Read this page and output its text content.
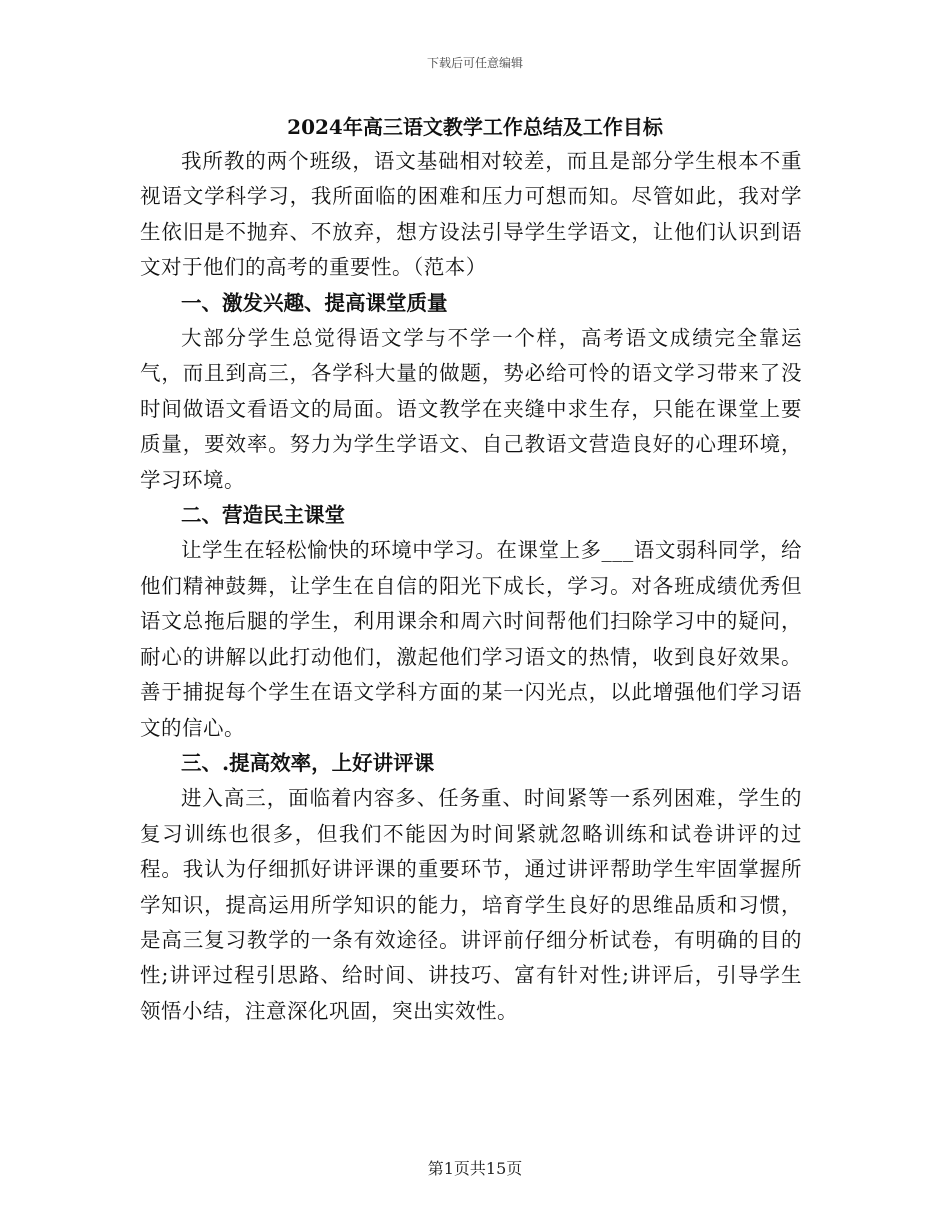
下载后可任意编辑
2024年高三语文教学工作总结及工作目标

我所教的两个班级，语文基础相对较差，而且是部分学生根本不重视语文学科学习，我所面临的困难和压力可想而知。尽管如此，我对学生依旧是不抛弃、不放弃，想方设法引导学生学语文，让他们认识到语文对于他们的高考的重要性。（范本）

一、激发兴趣、提高课堂质量

大部分学生总觉得语文学与不学一个样，高考语文成绩完全靠运气，而且到高三，各学科大量的做题，势必给可怜的语文学习带来了没时间做语文看语文的局面。语文教学在夹缝中求生存，只能在课堂上要质量，要效率。努力为学生学语文、自己教语文营造良好的心理环境，学习环境。

二、营造民主课堂

让学生在轻松愉快的环境中学习。在课堂上多___语文弱科同学，给他们精神鼓舞，让学生在自信的阳光下成长，学习。对各班成绩优秀但语文总拖后腿的学生，利用课余和周六时间帮他们扫除学习中的疑问，耐心的讲解以此打动他们，激起他们学习语文的热情，收到良好效果。善于捕捉每个学生在语文学科方面的某一闪光点，以此增强他们学习语文的信心。

三、.提高效率，上好讲评课

进入高三，面临着内容多、任务重、时间紧等一系列困难，学生的复习训练也很多，但我们不能因为时间紧就忽略训练和试卷讲评的过程。我认为仔细抓好讲评课的重要环节，通过讲评帮助学生牢固掌握所学知识，提高运用所学知识的能力，培育学生良好的思维品质和习惯，是高三复习教学的一条有效途径。讲评前仔细分析试卷，有明确的目的性;讲评过程引思路、给时间、讲技巧、富有针对性;讲评后，引导学生领悟小结，注意深化巩固，突出实效性。

第1页共15页
